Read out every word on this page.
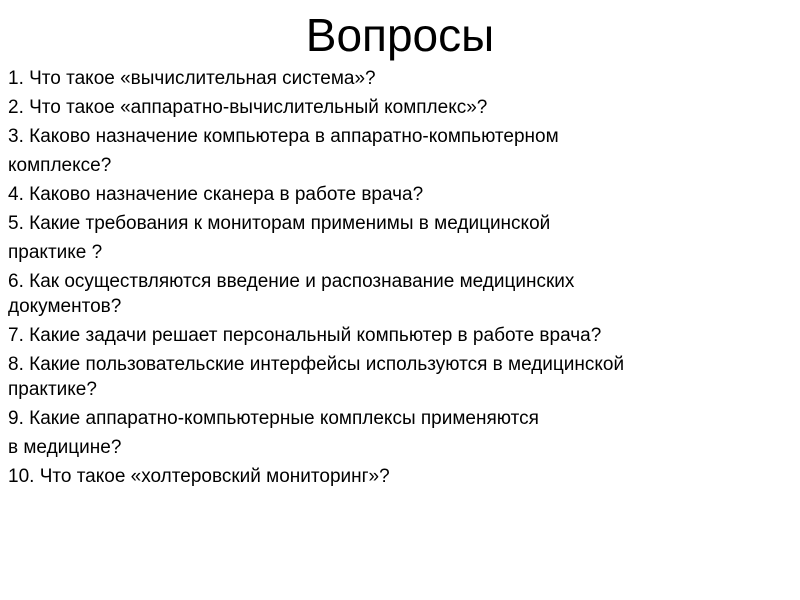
Вопросы
1. Что такое «вычислительная система»?
2. Что такое «аппаратно-вычислительный комплекс»?
3. Каково назначение компьютера в аппаратно-компьютерном
комплексе?
4. Каково назначение сканера в работе врача?
5. Какие требования к мониторам применимы в медицинской
практике ?
6. Как осуществляются введение и распознавание медицинских
документов?
7. Какие задачи решает персональный компьютер в работе врача?
8. Какие пользовательские интерфейсы используются в медицинской
практике?
9. Какие аппаратно-компьютерные комплексы применяются
в медицине?
10. Что такое «холтеровский мониторинг»?
